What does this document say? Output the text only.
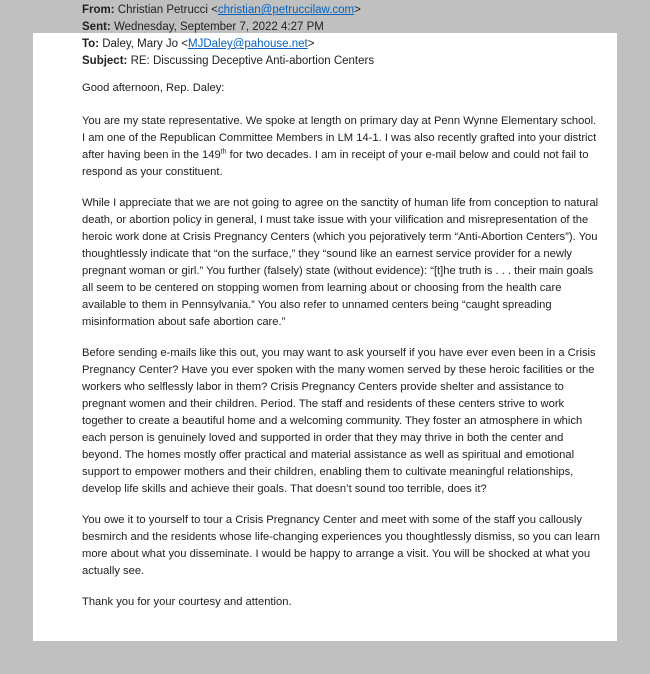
From: Christian Petrucci <christian@petruccilaw.com>
Sent: Wednesday, September 7, 2022 4:27 PM
To: Daley, Mary Jo <MJDaley@pahouse.net>
Subject: RE: Discussing Deceptive Anti-abortion Centers

Good afternoon, Rep. Daley:

You are my state representative. We spoke at length on primary day at Penn Wynne Elementary school. I am one of the Republican Committee Members in LM 14-1. I was also recently grafted into your district after having been in the 149th for two decades. I am in receipt of your e-mail below and could not fail to respond as your constituent.

While I appreciate that we are not going to agree on the sanctity of human life from conception to natural death, or abortion policy in general, I must take issue with your vilification and misrepresentation of the heroic work done at Crisis Pregnancy Centers (which you pejoratively term “Anti-Abortion Centers”). You thoughtlessly indicate that “on the surface,” they “sound like an earnest service provider for a newly pregnant woman or girl.” You further (falsely) state (without evidence): “[t]he truth is . . . their main goals all seem to be centered on stopping women from learning about or choosing from the health care available to them in Pennsylvania.” You also refer to unnamed centers being “caught spreading misinformation about safe abortion care.”

Before sending e-mails like this out, you may want to ask yourself if you have ever even been in a Crisis Pregnancy Center? Have you ever spoken with the many women served by these heroic facilities or the workers who selflessly labor in them? Crisis Pregnancy Centers provide shelter and assistance to pregnant women and their children. Period. The staff and residents of these centers strive to work together to create a beautiful home and a welcoming community. They foster an atmosphere in which each person is genuinely loved and supported in order that they may thrive in both the center and beyond. The homes mostly offer practical and material assistance as well as spiritual and emotional support to empower mothers and their children, enabling them to cultivate meaningful relationships, develop life skills and achieve their goals. That doesn’t sound too terrible, does it?

You owe it to yourself to tour a Crisis Pregnancy Center and meet with some of the staff you callously besmirch and the residents whose life-changing experiences you thoughtlessly dismiss, so you can learn more about what you disseminate. I would be happy to arrange a visit. You will be shocked at what you actually see.

Thank you for your courtesy and attention.
